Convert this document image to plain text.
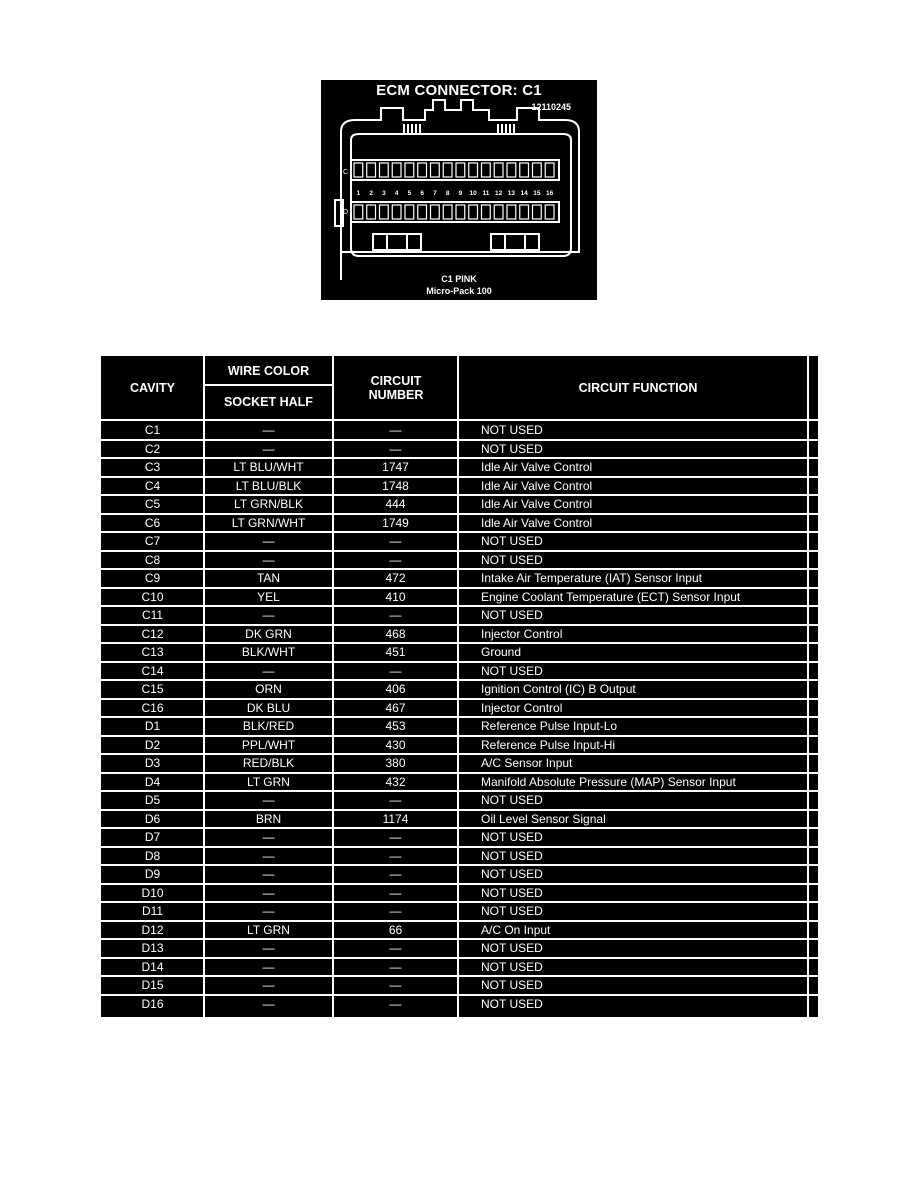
ECM CONNECTOR: C1
12110245
C
D
1 2 3 4 5 6 7 8 9 10 11 12 13 14 15 16
C1 PINK
Micro-Pack 100
CAVITY
WIRE COLOR
SOCKET HALF
CIRCUIT NUMBER	CIRCUIT FUNCTION
C1	—	—	NOT USED
C2	—	—	NOT USED
C3	LT BLU/WHT	1747	Idle Air Valve Control
C4	LT BLU/BLK	1748	Idle Air Valve Control
C5	LT GRN/BLK	444	Idle Air Valve Control
C6	LT GRN/WHT	1749	Idle Air Valve Control
C7	—	—	NOT USED
C8	—	—	NOT USED
C9	TAN	472	Intake Air Temperature (IAT) Sensor Input
C10	YEL	410	Engine Coolant Temperature (ECT) Sensor Input
C11	—	—	NOT USED
C12	DK GRN	468	Injector Control
C13	BLK/WHT	451	Ground
C14	—	—	NOT USED
C15	ORN	406	Ignition Control (IC) B Output
C16	DK BLU	467	Injector Control
D1	BLK/RED	453	Reference Pulse Input-Lo
D2	PPL/WHT	430	Reference Pulse Input-Hi
D3	RED/BLK	380	A/C Sensor Input
D4	LT GRN	432	Manifold Absolute Pressure (MAP) Sensor Input
D5	—	—	NOT USED
D6	BRN	1174	Oil Level Sensor Signal
D7	—	—	NOT USED
D8	—	—	NOT USED
D9	—	—	NOT USED
D10	—	—	NOT USED
D11	—	—	NOT USED
D12	LT GRN	66	A/C On Input
D13	—	—	NOT USED
D14	—	—	NOT USED
D15	—	—	NOT USED
D16	—	—	NOT USED
